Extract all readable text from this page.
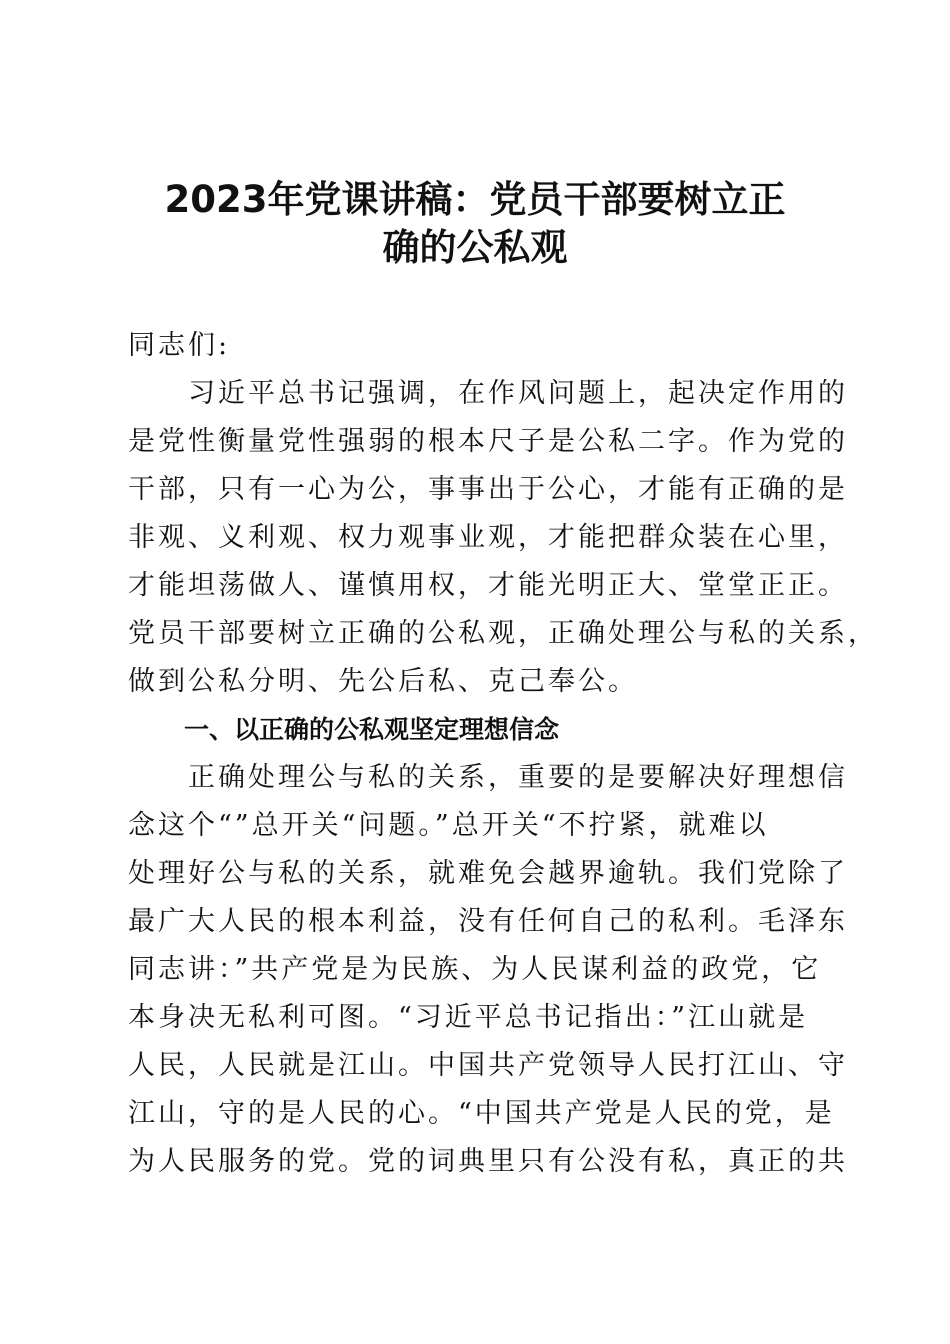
2023年党课讲稿：党员干部要树立正
确的公私观
同志们:
　　习近平总书记强调，在作风问题上，起决定作用的
是党性衡量党性强弱的根本尺子是公私二字。作为党的
干部，只有一心为公，事事出于公心，才能有正确的是
非观、义利观、权力观事业观，才能把群众装在心里，
才能坦荡做人、谨慎用权，才能光明正大、堂堂正正。
党员干部要树立正确的公私观，正确处理公与私的关系，
做到公私分明、先公后私、克己奉公。
一、以正确的公私观坚定理想信念
　　正确处理公与私的关系，重要的是要解决好理想信
念这个“”总开关“问题。”总开关“不拧紧，就难以
处理好公与私的关系，就难免会越界逾轨。我们党除了
最广大人民的根本利益，没有任何自己的私利。毛泽东
同志讲：”共产党是为民族、为人民谋利益的政党，它
本身决无私利可图。“习近平总书记指出：”江山就是
人民，人民就是江山。中国共产党领导人民打江山、守
江山，守的是人民的心。“中国共产党是人民的党，是
为人民服务的党。党的词典里只有公没有私，真正的共
